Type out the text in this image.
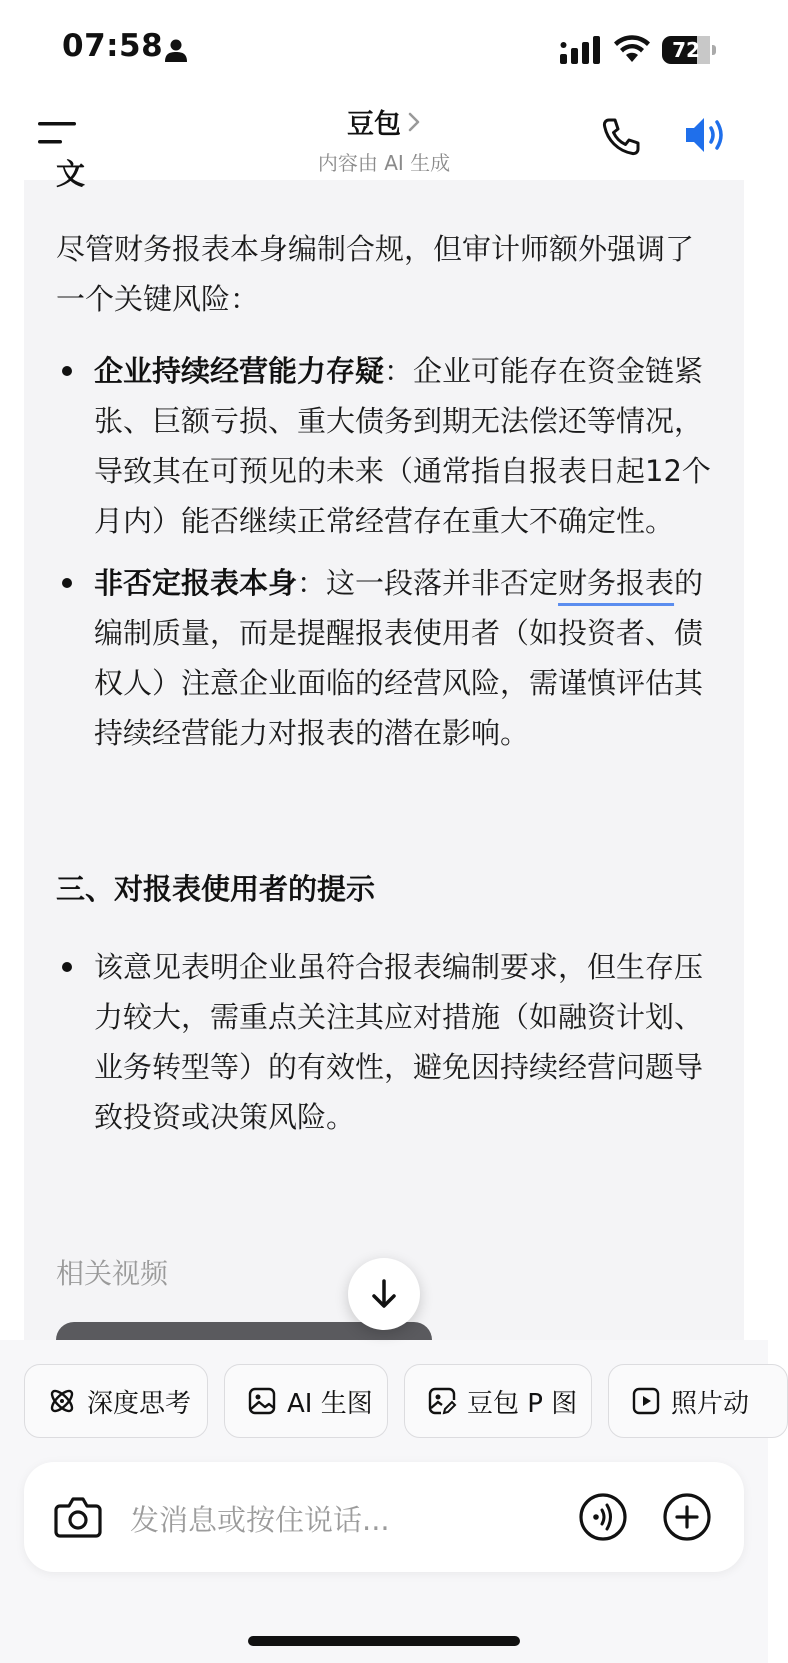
07:58	72
豆包
内容由 AI 生成
文

尽管财务报表本身编制合规，但审计师额外强调了一个关键风险：

企业持续经营能力存疑：企业可能存在资金链紧张、巨额亏损、重大债务到期无法偿还等情况，导致其在可预见的未来（通常指自报表日起12个月内）能否继续正常经营存在重大不确定性。
非否定报表本身：这一段落并非否定财务报表的编制质量，而是提醒报表使用者（如投资者、债权人）注意企业面临的经营风险，需谨慎评估其持续经营能力对报表的潜在影响。
三、对报表使用者的提示
该意见表明企业虽符合报表编制要求，但生存压力较大，需重点关注其应对措施（如融资计划、业务转型等）的有效性，避免因持续经营问题导致投资或决策风险。
相关视频
深度思考	AI 生图	豆包 P 图	照片动
发消息或按住说话...
